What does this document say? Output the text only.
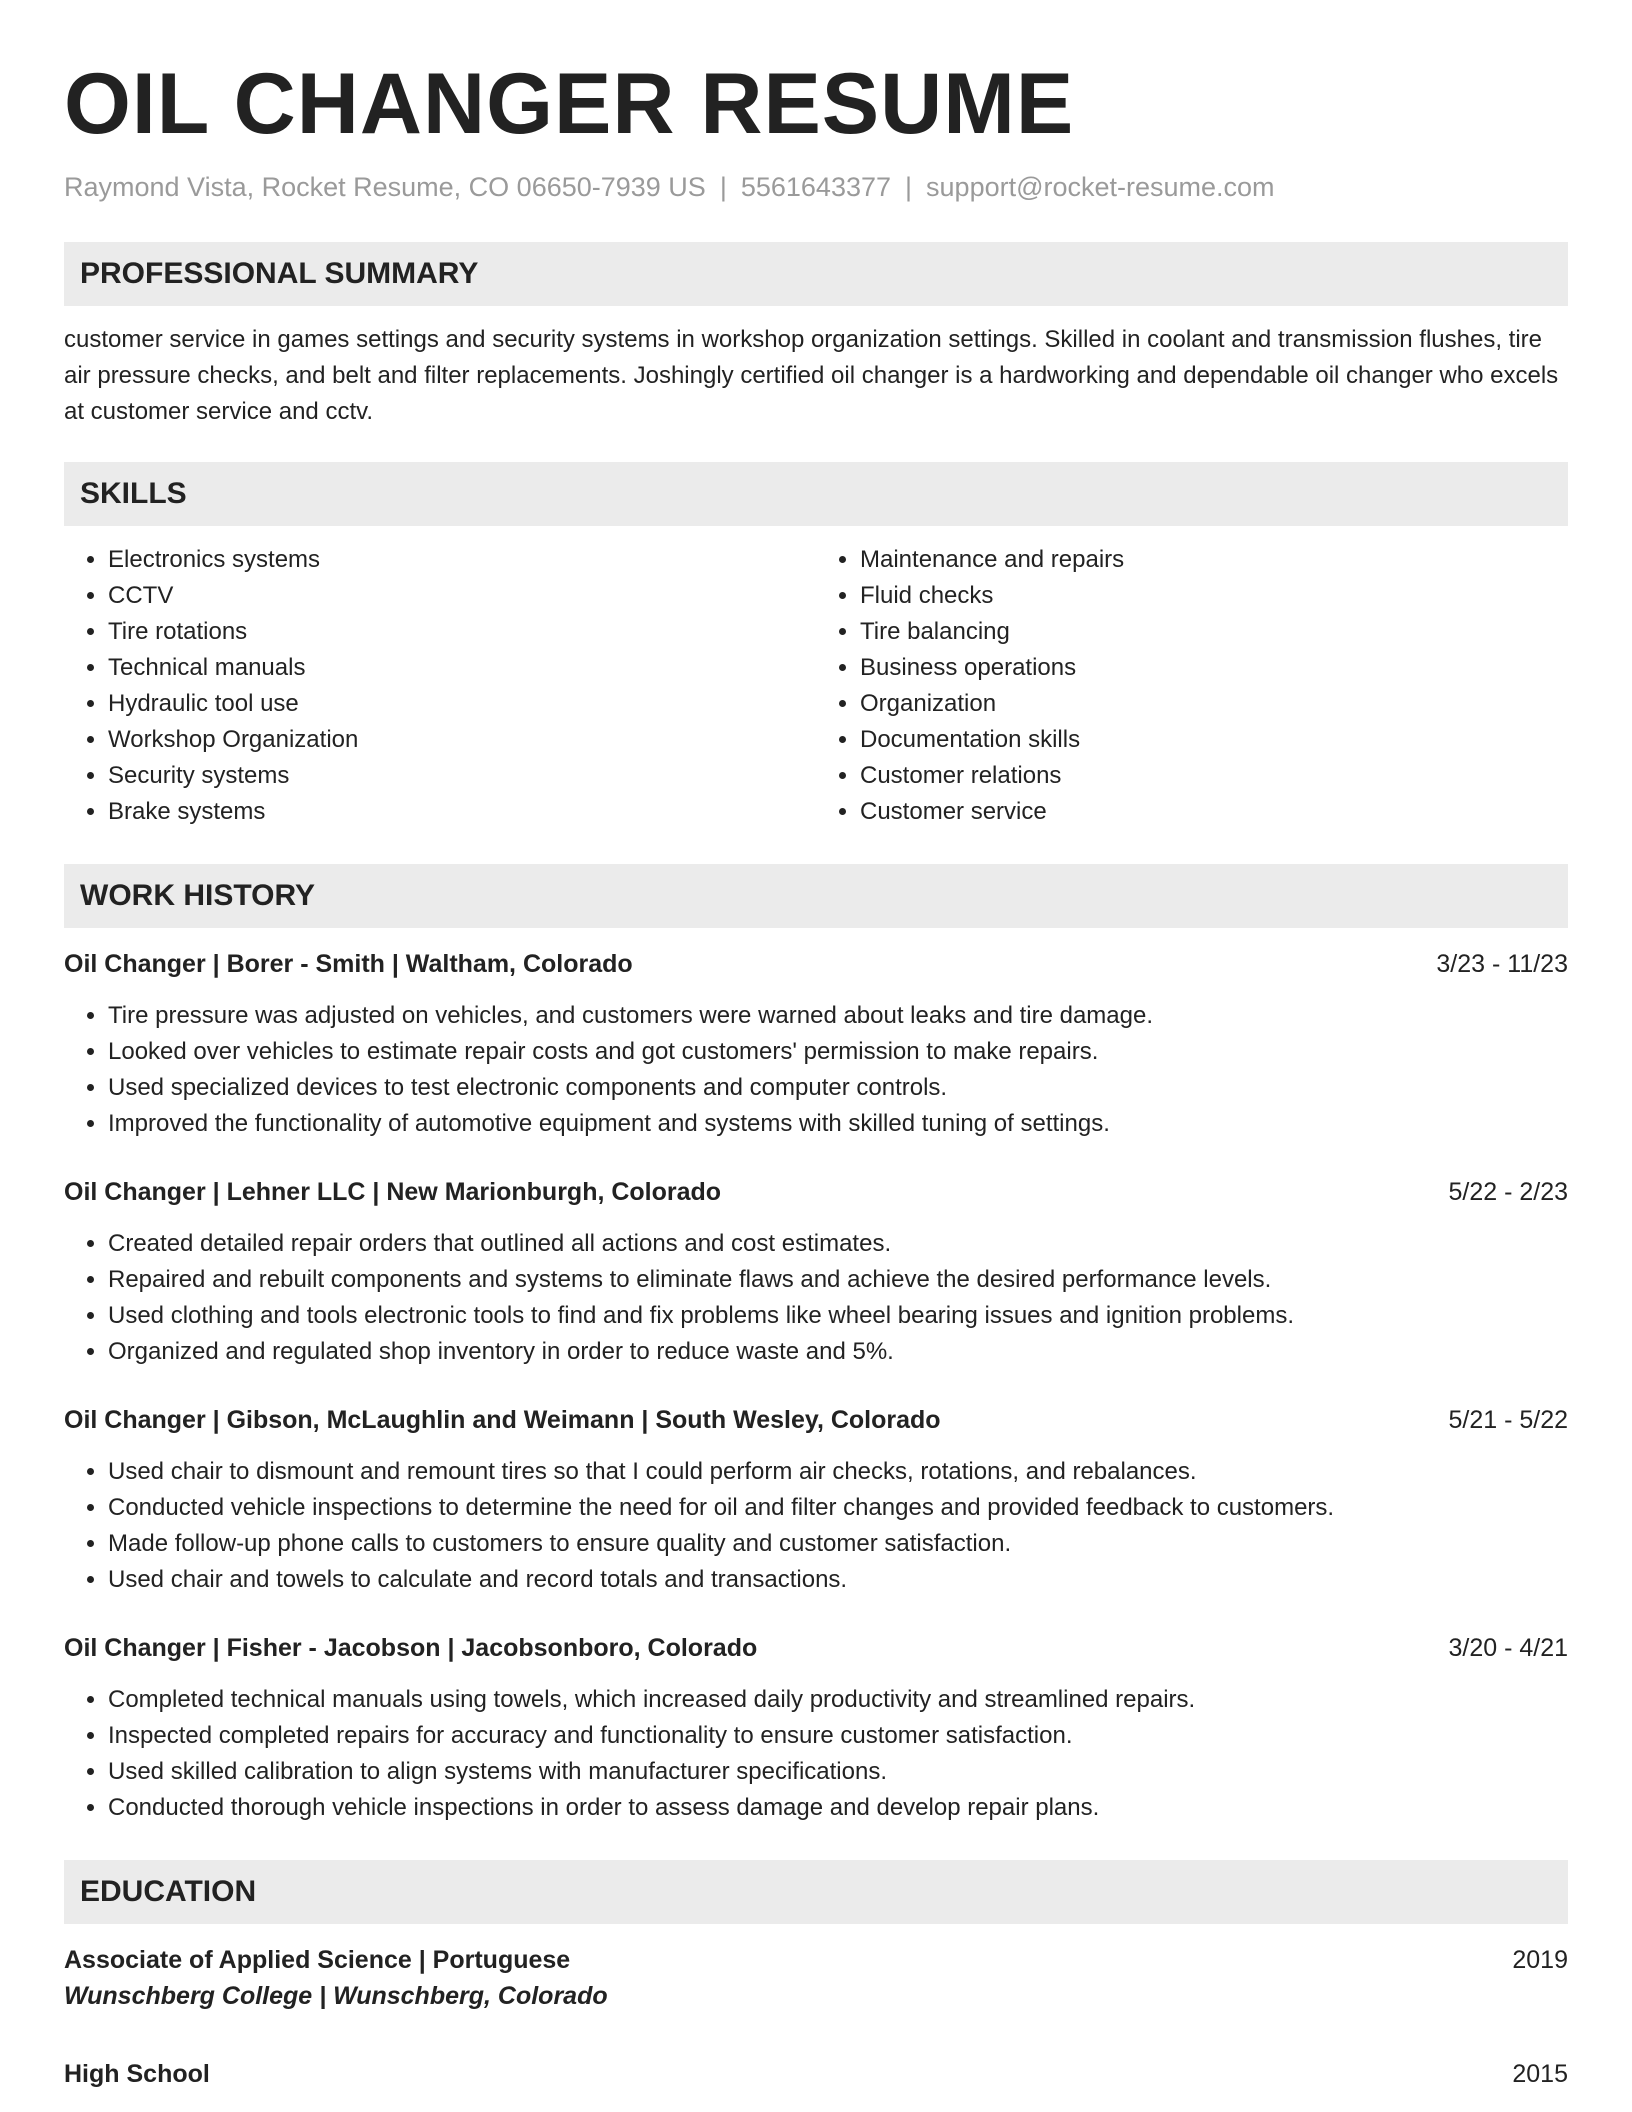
OIL CHANGER RESUME
Raymond Vista, Rocket Resume, CO 06650-7939 US | 5561643377 | support@rocket-resume.com
PROFESSIONAL SUMMARY
customer service in games settings and security systems in workshop organization settings. Skilled in coolant and transmission flushes, tire air pressure checks, and belt and filter replacements. Joshingly certified oil changer is a hardworking and dependable oil changer who excels at customer service and cctv.
SKILLS
• Electronics systems
• CCTV
• Tire rotations
• Technical manuals
• Hydraulic tool use
• Workshop Organization
• Security systems
• Brake systems
• Maintenance and repairs
• Fluid checks
• Tire balancing
• Business operations
• Organization
• Documentation skills
• Customer relations
• Customer service
WORK HISTORY
Oil Changer | Borer - Smith | Waltham, Colorado	3/23 - 11/23
• Tire pressure was adjusted on vehicles, and customers were warned about leaks and tire damage.
• Looked over vehicles to estimate repair costs and got customers' permission to make repairs.
• Used specialized devices to test electronic components and computer controls.
• Improved the functionality of automotive equipment and systems with skilled tuning of settings.
Oil Changer | Lehner LLC | New Marionburgh, Colorado	5/22 - 2/23
• Created detailed repair orders that outlined all actions and cost estimates.
• Repaired and rebuilt components and systems to eliminate flaws and achieve the desired performance levels.
• Used clothing and tools electronic tools to find and fix problems like wheel bearing issues and ignition problems.
• Organized and regulated shop inventory in order to reduce waste and 5%.
Oil Changer | Gibson, McLaughlin and Weimann | South Wesley, Colorado	5/21 - 5/22
• Used chair to dismount and remount tires so that I could perform air checks, rotations, and rebalances.
• Conducted vehicle inspections to determine the need for oil and filter changes and provided feedback to customers.
• Made follow-up phone calls to customers to ensure quality and customer satisfaction.
• Used chair and towels to calculate and record totals and transactions.
Oil Changer | Fisher - Jacobson | Jacobsonboro, Colorado	3/20 - 4/21
• Completed technical manuals using towels, which increased daily productivity and streamlined repairs.
• Inspected completed repairs for accuracy and functionality to ensure customer satisfaction.
• Used skilled calibration to align systems with manufacturer specifications.
• Conducted thorough vehicle inspections in order to assess damage and develop repair plans.
EDUCATION
Associate of Applied Science | Portuguese	2019
Wunschberg College | Wunschberg, Colorado
High School	2015
